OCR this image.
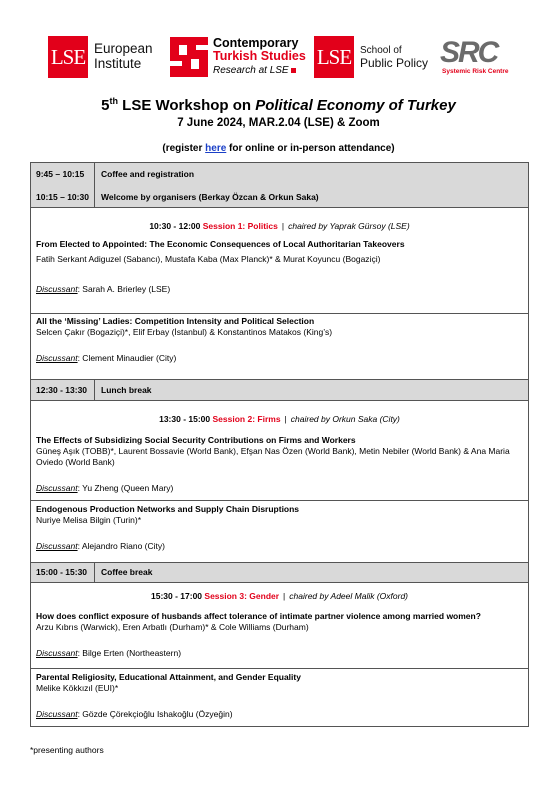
LSE European
Institute
Contemporary
Turkish Studies
Research at LSE
LSE School of
Public Policy SRC
Systemic Risk Centre
5th LSE Workshop on Political Economy of Turkey
7 June 2024, MAR.2.04 (LSE) & Zoom
(register here for online or in-person attendance)
9:45 – 10:15	Coffee and registration
10:15 – 10:30	Welcome by organisers (Berkay Özcan & Orkun Saka)
10:30 - 12:00 Session 1: Politics | chaired by Yaprak Gürsoy (LSE)
From Elected to Appointed: The Economic Consequences of Local Authoritarian Takeovers
Fatih Serkant Adiguzel (Sabancı), Mustafa Kaba (Max Planck)* & Murat Koyuncu (Bogaziçi)
Discussant: Sarah A. Brierley (LSE)
All the ‘Missing’ Ladies: Competition Intensity and Political Selection
Selcen Çakır (Bogaziçi)*, Elif Erbay (İstanbul) & Konstantinos Matakos (King’s)
Discussant: Clement Minaudier (City)
12:30 - 13:30	Lunch break
13:30 - 15:00 Session 2: Firms | chaired by Orkun Saka (City)
The Effects of Subsidizing Social Security Contributions on Firms and Workers
Güneş Aşık (TOBB)*, Laurent Bossavie (World Bank), Efşan Nas Özen (World Bank), Metin Nebiler (World Bank) & Ana Maria Oviedo (World Bank)
Discussant: Yu Zheng (Queen Mary)
Endogenous Production Networks and Supply Chain Disruptions
Nuriye Melisa Bilgin (Turin)*
Discussant: Alejandro Riano (City)
15:00 - 15:30	Coffee break
15:30 - 17:00 Session 3: Gender | chaired by Adeel Malik (Oxford)
How does conflict exposure of husbands affect tolerance of intimate partner violence among married women?
Arzu Kıbrıs (Warwick), Eren Arbatlı (Durham)* & Cole Williams (Durham)
Discussant: Bilge Erten (Northeastern)
Parental Religiosity, Educational Attainment, and Gender Equality
Melike Kökkızıl (EUI)*
Discussant: Gözde Çörekçioğlu Ishakoğlu (Özyeğin)
*presenting authors
